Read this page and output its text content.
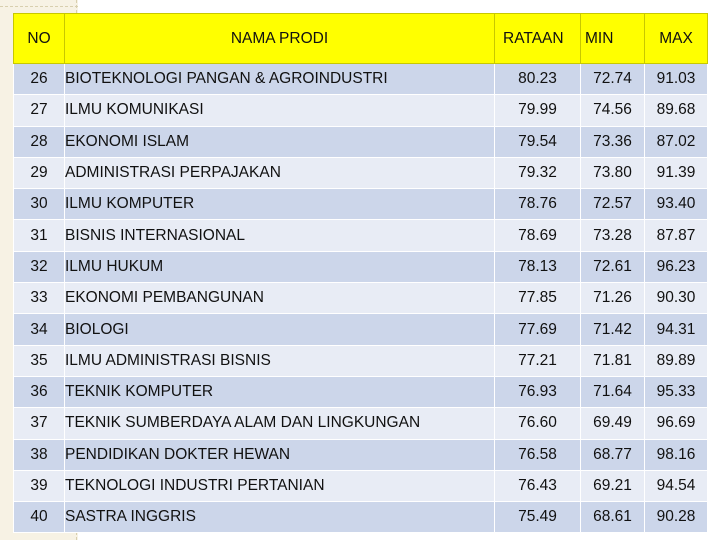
NO	NAMA PRODI	RATAAN	MIN	MAX
26	BIOTEKNOLOGI PANGAN & AGROINDUSTRI	80.23	72.74	91.03
27	ILMU KOMUNIKASI	79.99	74.56	89.68
28	EKONOMI ISLAM	79.54	73.36	87.02
29	ADMINISTRASI PERPAJAKAN	79.32	73.80	91.39
30	ILMU KOMPUTER	78.76	72.57	93.40
31	BISNIS INTERNASIONAL	78.69	73.28	87.87
32	ILMU HUKUM	78.13	72.61	96.23
33	EKONOMI PEMBANGUNAN	77.85	71.26	90.30
34	BIOLOGI	77.69	71.42	94.31
35	ILMU ADMINISTRASI BISNIS	77.21	71.81	89.89
36	TEKNIK KOMPUTER	76.93	71.64	95.33
37	TEKNIK SUMBERDAYA ALAM DAN LINGKUNGAN	76.60	69.49	96.69
38	PENDIDIKAN DOKTER HEWAN	76.58	68.77	98.16
39	TEKNOLOGI INDUSTRI PERTANIAN	76.43	69.21	94.54
40	SASTRA INGGRIS	75.49	68.61	90.28
